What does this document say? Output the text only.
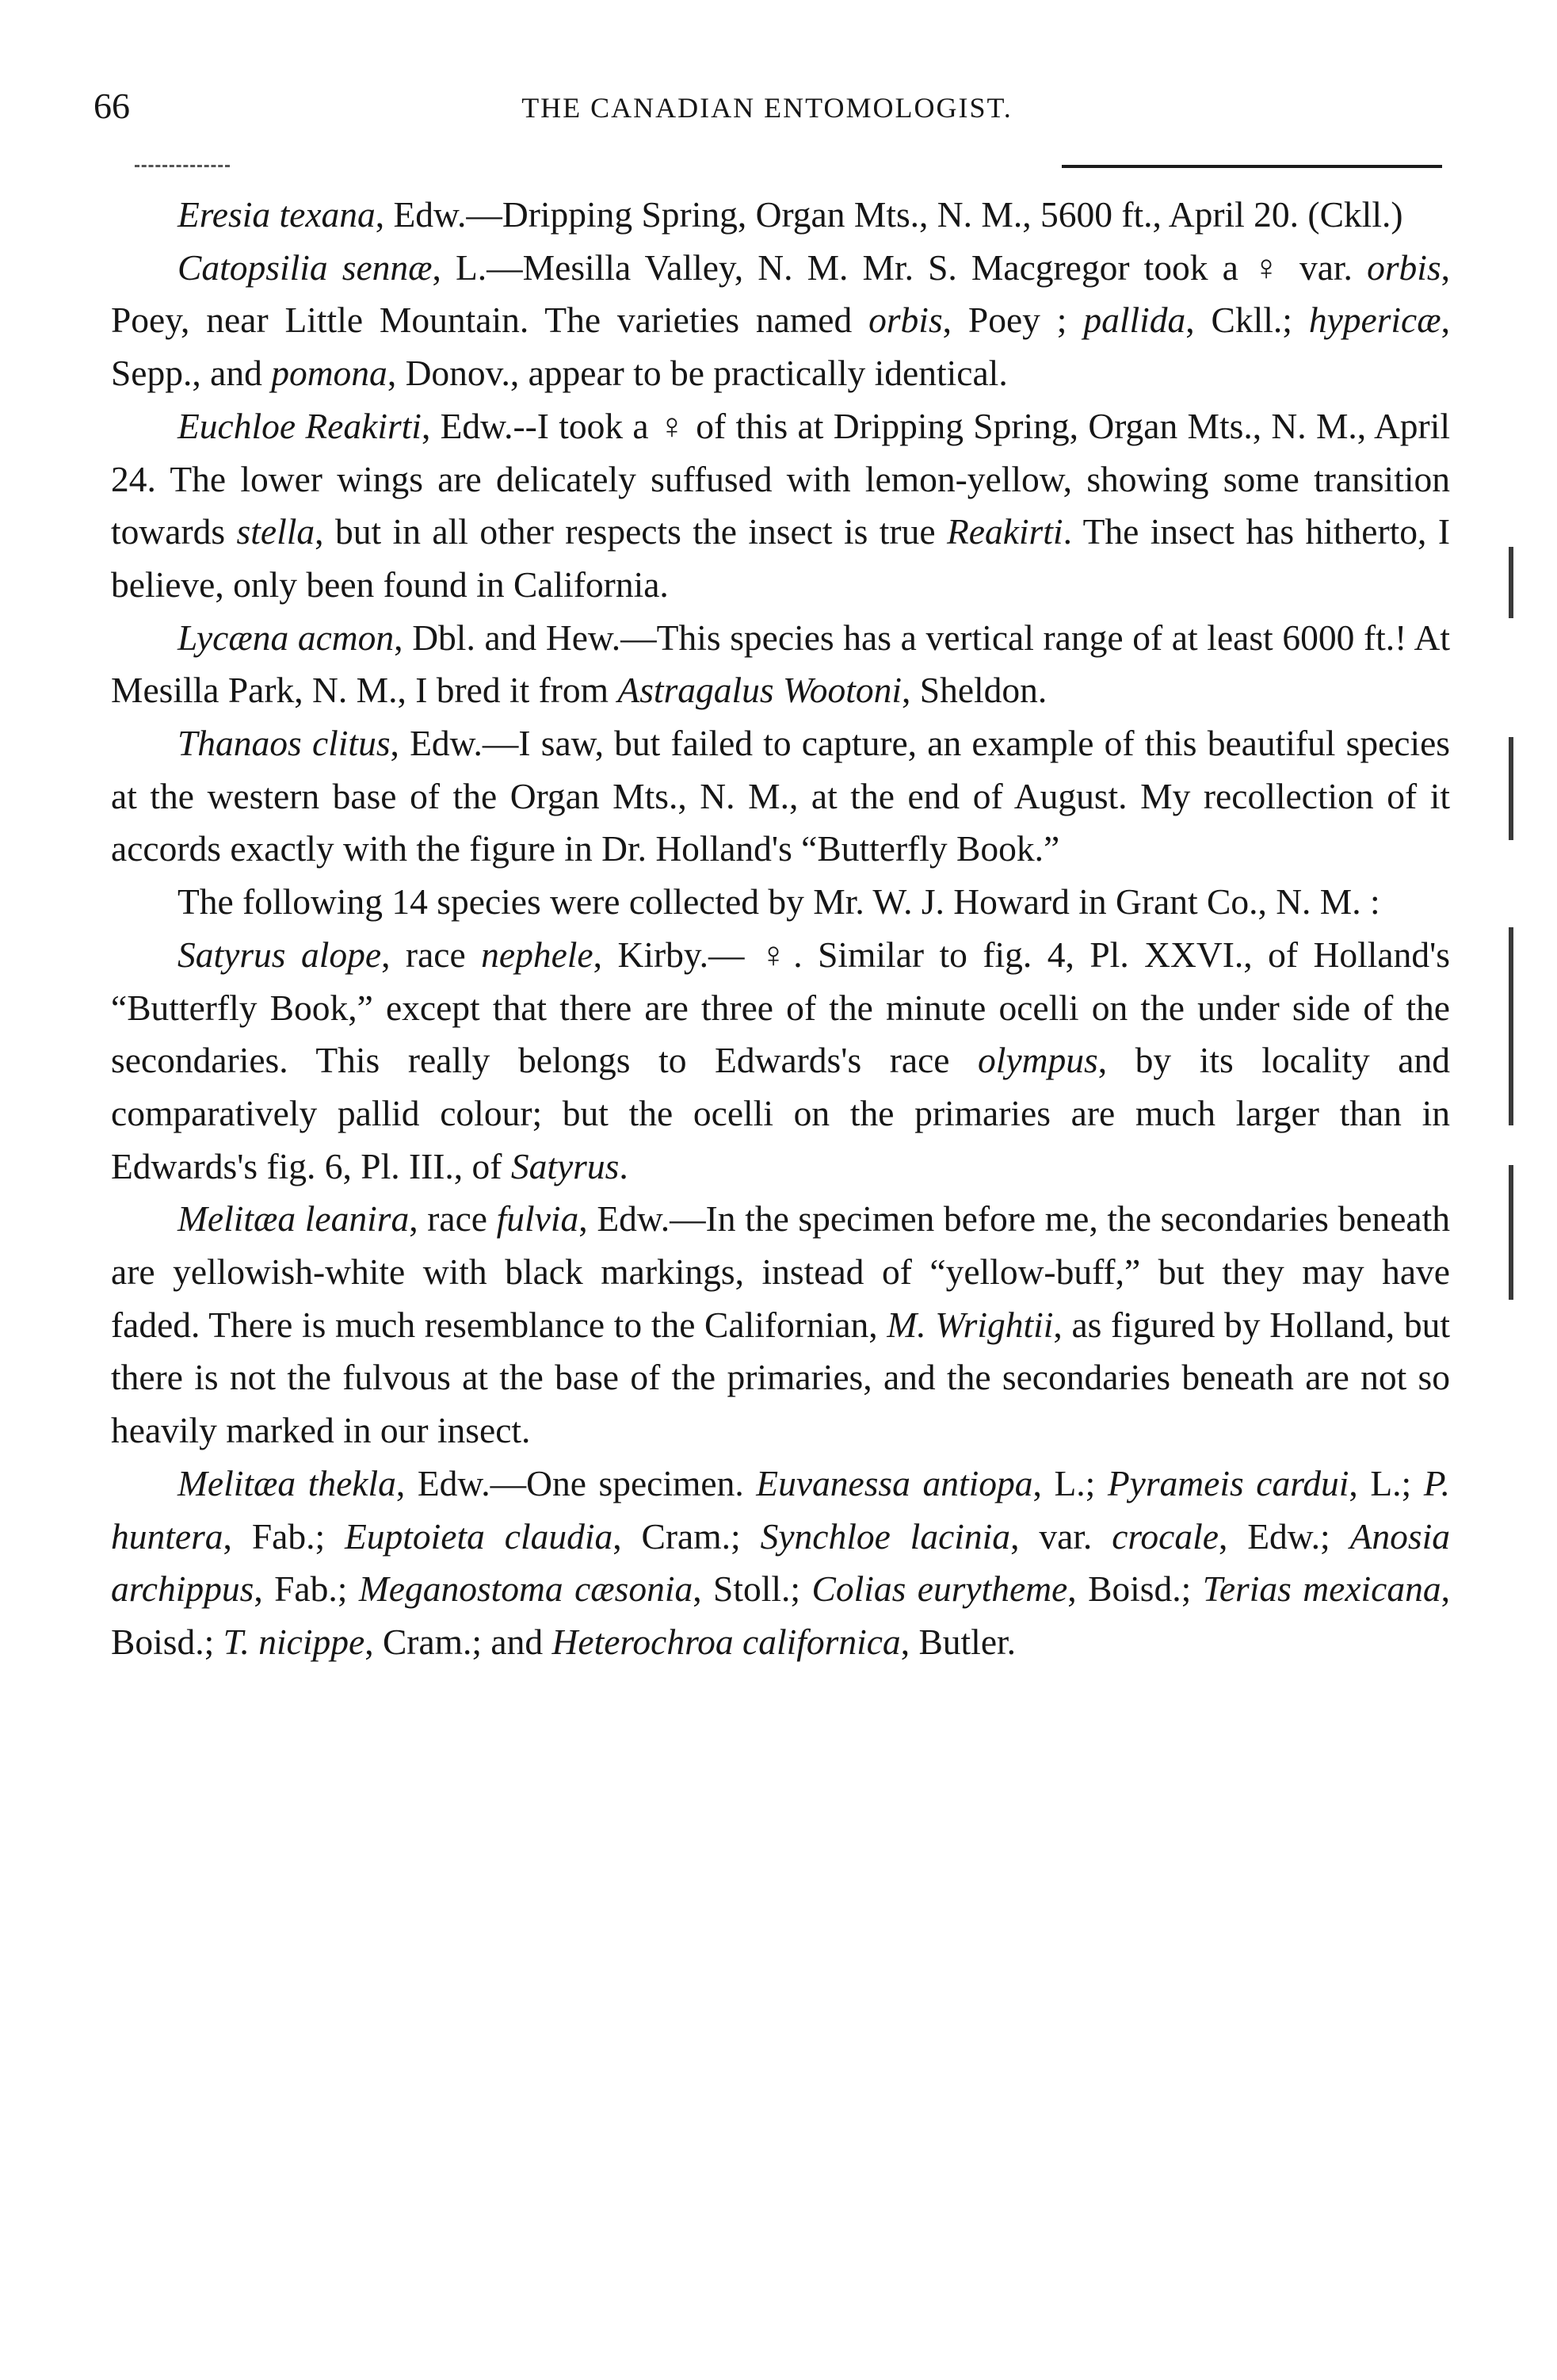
66	THE CANADIAN ENTOMOLOGIST.

Eresia texana, Edw.—Dripping Spring, Organ Mts., N. M., 5600 ft., April 20. (Ckll.)

Catopsilia sennæ, L.—Mesilla Valley, N. M. Mr. S. Macgregor took a ♀ var. orbis, Poey, near Little Mountain. The varieties named orbis, Poey ; pallida, Ckll.; hypericæ, Sepp., and pomona, Donov., appear to be practically identical.

Euchloe Reakirti, Edw.--I took a ♀ of this at Dripping Spring, Organ Mts., N. M., April 24. The lower wings are delicately suffused with lemon-yellow, showing some transition towards stella, but in all other respects the insect is true Reakirti. The insect has hitherto, I believe, only been found in California.

Lycæna acmon, Dbl. and Hew.—This species has a vertical range of at least 6000 ft.! At Mesilla Park, N. M., I bred it from Astragalus Wootoni, Sheldon.

Thanaos clitus, Edw.—I saw, but failed to capture, an example of this beautiful species at the western base of the Organ Mts., N. M., at the end of August. My recollection of it accords exactly with the figure in Dr. Holland's “Butterfly Book.”

The following 14 species were collected by Mr. W. J. Howard in Grant Co., N. M. :

Satyrus alope, race nephele, Kirby.— ♀. Similar to fig. 4, Pl. XXVI., of Holland's “Butterfly Book,” except that there are three of the minute ocelli on the under side of the secondaries. This really belongs to Edwards's race olympus, by its locality and comparatively pallid colour; but the ocelli on the primaries are much larger than in Edwards's fig. 6, Pl. III., of Satyrus.

Melitæa leanira, race fulvia, Edw.—In the specimen before me, the secondaries beneath are yellowish-white with black markings, instead of “yellow-buff,” but they may have faded. There is much resemblance to the Californian, M. Wrightii, as figured by Holland, but there is not the fulvous at the base of the primaries, and the secondaries beneath are not so heavily marked in our insect.

Melitæa thekla, Edw.—One specimen. Euvanessa antiopa, L.; Pyrameis cardui, L.; P. huntera, Fab.; Euptoieta claudia, Cram.; Synchloe lacinia, var. crocale, Edw.; Anosia archippus, Fab.; Meganostoma cæsonia, Stoll.; Colias eurytheme, Boisd.; Terias mexicana, Boisd.; T. nicippe, Cram.; and Heterochroa californica, Butler.
